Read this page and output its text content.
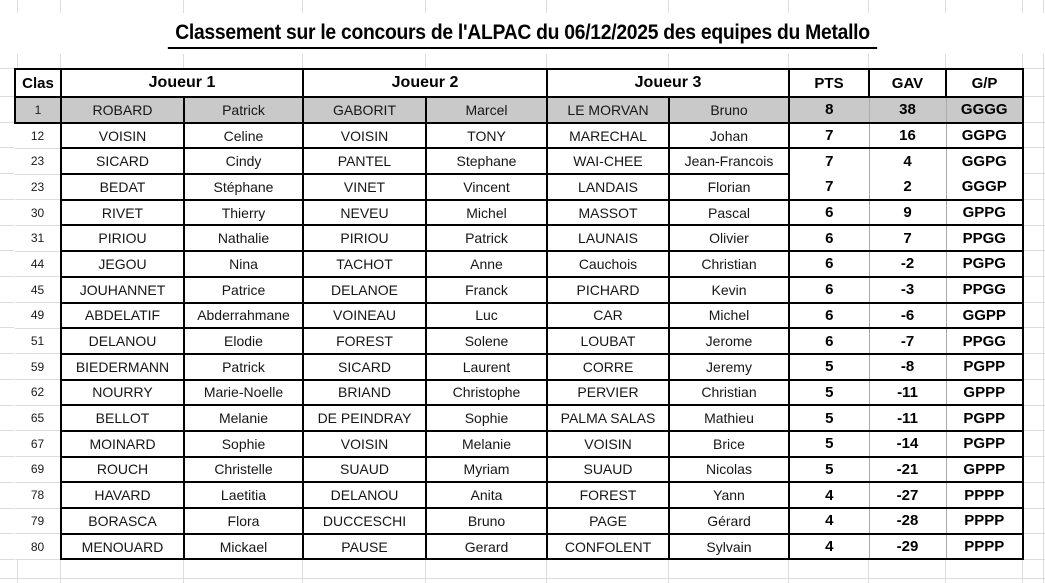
Classement sur le concours de l'ALPAC du 06/12/2025 des equipes du Metallo
Clas	Joueur 1		Joueur 2		Joueur 3		PTS	GAV	G/P
1	ROBARD	Patrick	GABORIT	Marcel	LE MORVAN	Bruno	8	38	GGGG
12	VOISIN	Celine	VOISIN	TONY	MARECHAL	Johan	7	16	GGPG
23	SICARD	Cindy	PANTEL	Stephane	WAI-CHEE	Jean-Francois	7	4	GGPG
23	BEDAT	Stéphane	VINET	Vincent	LANDAIS	Florian	7	2	GGGP
30	RIVET	Thierry	NEVEU	Michel	MASSOT	Pascal	6	9	GPPG
31	PIRIOU	Nathalie	PIRIOU	Patrick	LAUNAIS	Olivier	6	7	PPGG
44	JEGOU	Nina	TACHOT	Anne	Cauchois	Christian	6	-2	PGPG
45	JOUHANNET	Patrice	DELANOE	Franck	PICHARD	Kevin	6	-3	PPGG
49	ABDELATIF	Abderrahmane	VOINEAU	Luc	CAR	Michel	6	-6	GGPP
51	DELANOU	Elodie	FOREST	Solene	LOUBAT	Jerome	6	-7	PPGG
59	BIEDERMANN	Patrick	SICARD	Laurent	CORRE	Jeremy	5	-8	PGPP
62	NOURRY	Marie-Noelle	BRIAND	Christophe	PERVIER	Christian	5	-11	GPPP
65	BELLOT	Melanie	DE PEINDRAY	Sophie	PALMA SALAS	Mathieu	5	-11	PGPP
67	MOINARD	Sophie	VOISIN	Melanie	VOISIN	Brice	5	-14	PGPP
69	ROUCH	Christelle	SUAUD	Myriam	SUAUD	Nicolas	5	-21	GPPP
78	HAVARD	Laetitia	DELANOU	Anita	FOREST	Yann	4	-27	PPPP
79	BORASCA	Flora	DUCCESCHI	Bruno	PAGE	Gérard	4	-28	PPPP
80	MENOUARD	Mickael	PAUSE	Gerard	CONFOLENT	Sylvain	4	-29	PPPP
